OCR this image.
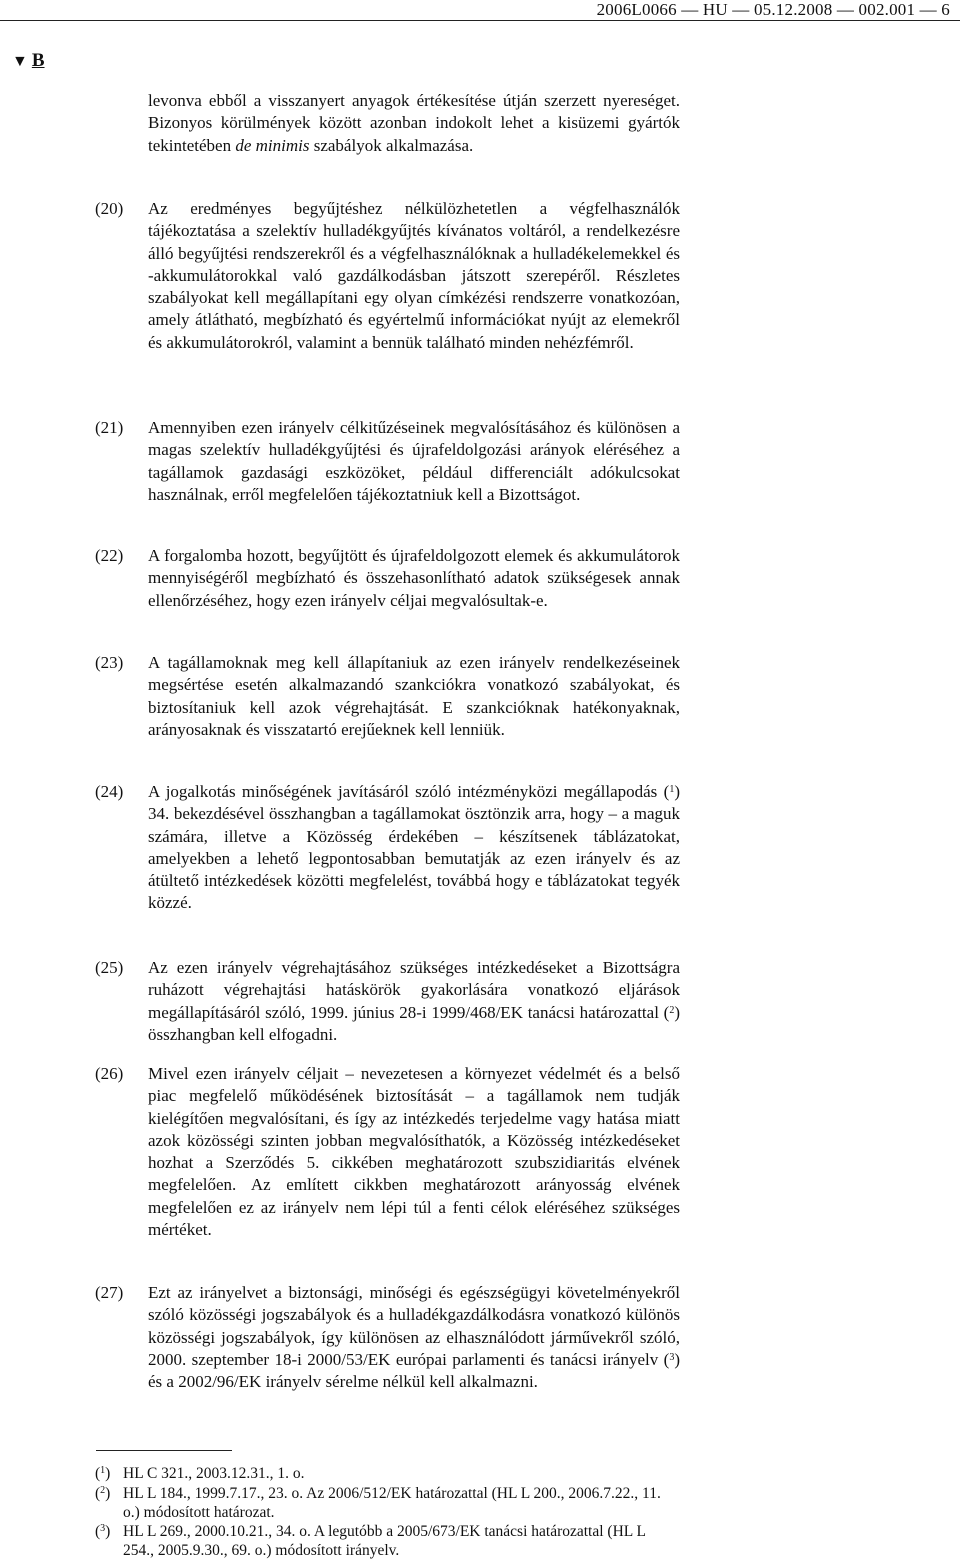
2006L0066 — HU — 05.12.2008 — 002.001 — 6
▼ B

levonva ebből a visszanyert anyagok értékesítése útján szerzett nyereséget. Bizonyos körülmények között azonban indokolt lehet a kisüzemi gyártók tekintetében de minimis szabályok alkalmazása.

(20) Az eredményes begyűjtéshez nélkülözhetetlen a végfelhasználók tájékoztatása a szelektív hulladékgyűjtés kívánatos voltáról, a rendelkezésre álló begyűjtési rendszerekről és a végfelhasználóknak a hulladékelemekkel és -akkumulátorokkal való gazdálkodásban játszott szerepéről. Részletes szabályokat kell megállapítani egy olyan címkézési rendszerre vonatkozóan, amely átlátható, megbízható és egyértelmű információkat nyújt az elemekről és akkumulátorokról, valamint a bennük található minden nehézfémről.
(21) Amennyiben ezen irányelv célkitűzéseinek megvalósításához és különösen a magas szelektív hulladékgyűjtési és újrafeldolgozási arányok eléréséhez a tagállamok gazdasági eszközöket, például differenciált adókulcsokat használnak, erről megfelelően tájékoztatniuk kell a Bizottságot.
(22) A forgalomba hozott, begyűjtött és újrafeldolgozott elemek és akkumulátorok mennyiségéről megbízható és összehasonlítható adatok szükségesek annak ellenőrzéséhez, hogy ezen irányelv céljai megvalósultak-e.
(23) A tagállamoknak meg kell állapítaniuk az ezen irányelv rendelkezéseinek megsértése esetén alkalmazandó szankciókra vonatkozó szabályokat, és biztosítaniuk kell azok végrehajtását. E szankcióknak hatékonyaknak, arányosaknak és visszatartó erejűeknek kell lenniük.
(24) A jogalkotás minőségének javításáról szóló intézményközi megállapodás ($^1$) 34. bekezdésével összhangban a tagállamokat ösztönzik arra, hogy – a maguk számára, illetve a Közösség érdekében – készítsenek táblázatokat, amelyekben a lehető legpontosabban bemutatják az ezen irányelv és az átültető intézkedések közötti megfelelést, továbbá hogy e táblázatokat tegyék közzé.
(25) Az ezen irányelv végrehajtásához szükséges intézkedéseket a Bizottságra ruházott végrehajtási hatáskörök gyakorlására vonatkozó eljárások megállapításáról szóló, 1999. június 28-i 1999/468/EK tanácsi határozattal ($^2$) összhangban kell elfogadni.
(26) Mivel ezen irányelv céljait – nevezetesen a környezet védelmét és a belső piac megfelelő működésének biztosítását – a tagállamok nem tudják kielégítően megvalósítani, és így az intézkedés terjedelme vagy hatása miatt azok közösségi szinten jobban megvalósíthatók, a Közösség intézkedéseket hozhat a Szerződés 5. cikkében meghatározott szubszidiaritás elvének megfelelően. Az említett cikkben meghatározott arányosság elvének megfelelően ez az irányelv nem lépi túl a fenti célok eléréséhez szükséges mértéket.
(27) Ezt az irányelvet a biztonsági, minőségi és egészségügyi követelményekről szóló közösségi jogszabályok és a hulladékgazdálkodásra vonatkozó különös közösségi jogszabályok, így különösen az elhasználódott járművekről szóló, 2000. szeptember 18-i 2000/53/EK európai parlamenti és tanácsi irányelv ($^3$) és a 2002/96/EK irányelv sérelme nélkül kell alkalmazni.
($^1$) HL C 321., 2003.12.31., 1. o.
($^2$) HL L 184., 1999.7.17., 23. o. Az 2006/512/EK határozattal (HL L 200., 2006.7.22., 11. o.) módosított határozat.
($^3$) HL L 269., 2000.10.21., 34. o. A legutóbb a 2005/673/EK tanácsi határozattal (HL L 254., 2005.9.30., 69. o.) módosított irányelv.
